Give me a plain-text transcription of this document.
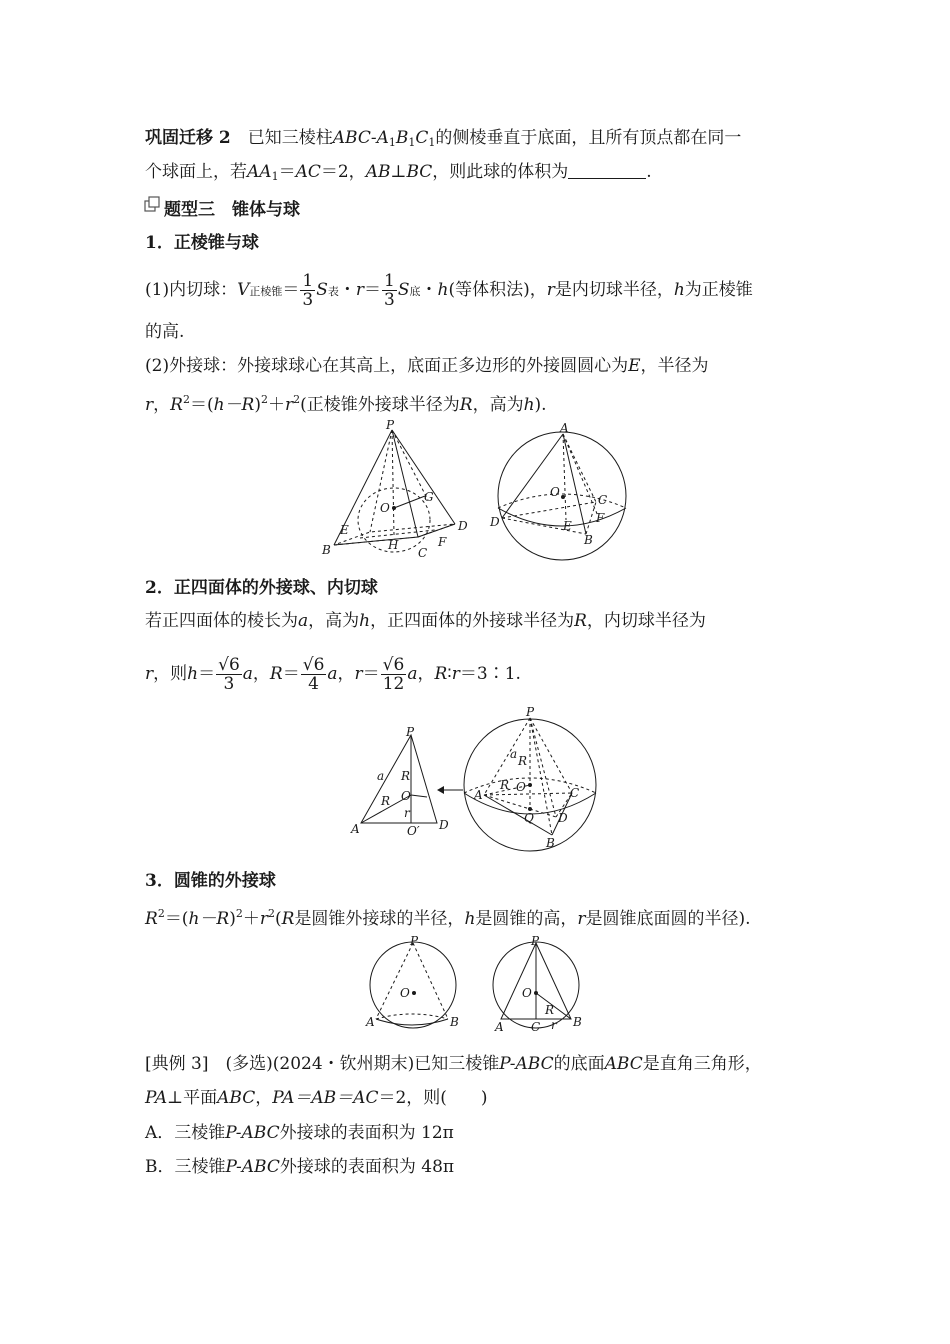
巩固迁移 2　 已知三棱柱ABC-$A_1B_1C_1$的侧棱垂直于底面，且所有顶点都在同一
个球面上，若$AA_1=AC=2$，AB⊥BC，则此球的体积为	.
题型三　锥体与球
1．正棱锥与球
(1)内切球：V正棱锥＝ $\frac{1}{3}$ S表・$r= \frac{1}{3}$ S底・h(等体积法)，r是内切球半径，h为正棱锥
的高.
(2)外接球：外接球球心在其高上，底面正多边形的外接圆圆心为E，半径为
r，$R^2=(h-R)^2+r^2$(正棱锥外接球半径为R，高为h).
P
O
G
E	D
B	H
C
F
A
O
C
D	E
F
B
2．正四面体的外接球、内切球
若正四面体的棱长为a，高为h，正四面体的外接球半径为R，内切球半径为
r，则$h= \frac{√6}{3}$ a，$R= \frac{√6}{4}$ a，$r= \frac{√6}{12}$ a，R∶r＝3∶1.
P
a R
O
R
r
A	O′ D
P
a R
A
R O	C
Q D
B
3．圆锥的外接球
$R^2=(h-R)^2+r^2(R$是圆锥外接球的半径，h是圆锥的高，r是圆锥底面圆的半径).
P
O
A	B
P
O
A C
R
r B
[典例 3]　 (多选)(2024・钦州期末)已知三棱锥P-ABC的底面ABC是直角三角形，
PA⊥平面ABC，PA＝AB＝AC＝2，则(　　)
A．三棱锥P-ABC外接球的表面积为 12π
B．三棱锥P-ABC外接球的表面积为 48π
